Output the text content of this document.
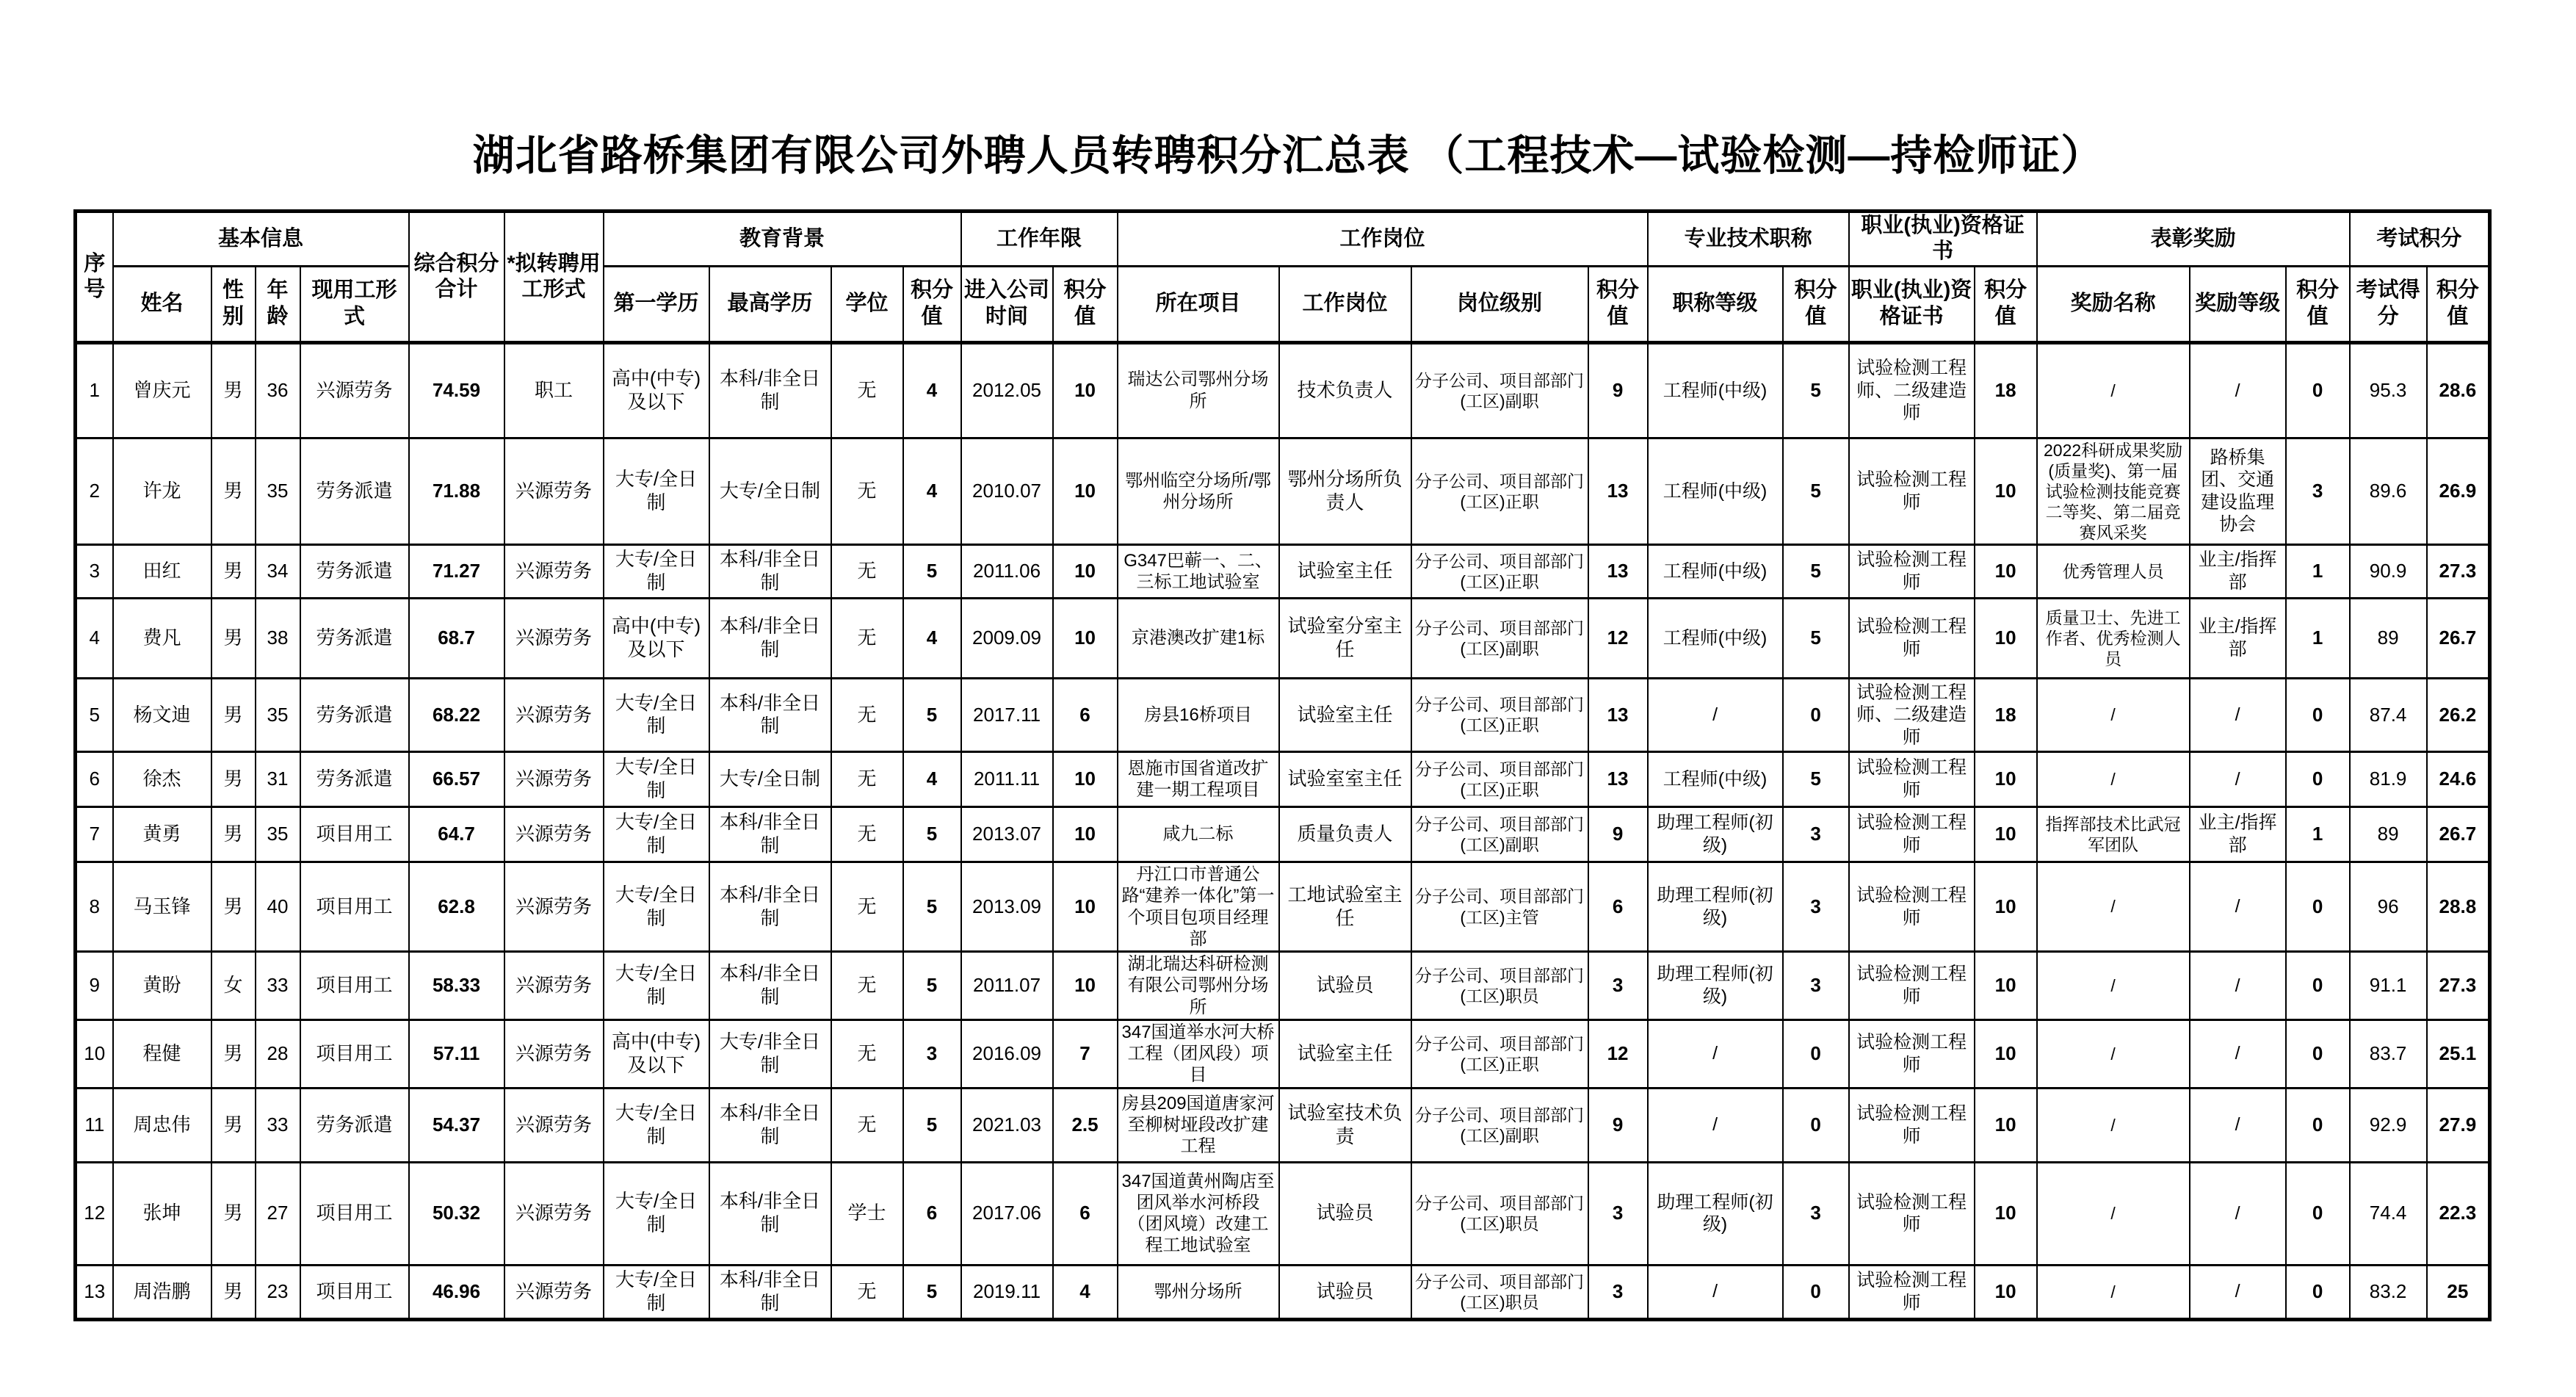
湖北省路桥集团有限公司外聘人员转聘积分汇总表 （工程技术—试验检测—持检师证）
序号	基本信息				综合积分合计	*拟转聘用工形式	教育背景				工作年限		工作岗位				专业技术职称		职业(执业)资格证书		表彰奖励			考试积分	
	姓名	性别	年龄	现用工形式			第一学历	最高学历	学位	积分值	进入公司时间	积分值	所在项目	工作岗位	岗位级别	积分值	职称等级	积分值	职业(执业)资格证书	积分值	奖励名称	奖励等级	积分值	考试得分	积分值
1	曾庆元	男	36	兴源劳务	74.59	职工	高中(中专)及以下	本科/非全日制	无	4	2012.05	10	瑞达公司鄂州分场所	技术负责人	分子公司、项目部部门(工区)副职	9	工程师(中级)	5	试验检测工程师、二级建造师	18	/	/	0	95.3	28.6
2	许龙	男	35	劳务派遣	71.88	兴源劳务	大专/全日制	大专/全日制	无	4	2010.07	10	鄂州临空分场所/鄂州分场所	鄂州分场所负责人	分子公司、项目部部门(工区)正职	13	工程师(中级)	5	试验检测工程师	10	2022科研成果奖励(质量奖)、第一届试验检测技能竞赛二等奖、第二届竞赛风采奖	路桥集团、交通建设监理协会	3	89.6	26.9
3	田红	男	34	劳务派遣	71.27	兴源劳务	大专/全日制	本科/非全日制	无	5	2011.06	10	G347巴蕲一、二、三标工地试验室	试验室主任	分子公司、项目部部门(工区)正职	13	工程师(中级)	5	试验检测工程师	10	优秀管理人员	业主/指挥部	1	90.9	27.3
4	费凡	男	38	劳务派遣	68.7	兴源劳务	高中(中专)及以下	本科/非全日制	无	4	2009.09	10	京港澳改扩建1标	试验室分室主任	分子公司、项目部部门(工区)副职	12	工程师(中级)	5	试验检测工程师	10	质量卫士、先进工作者、优秀检测人员	业主/指挥部	1	89	26.7
5	杨文迪	男	35	劳务派遣	68.22	兴源劳务	大专/全日制	本科/非全日制	无	5	2017.11	6	房县16桥项目	试验室主任	分子公司、项目部部门(工区)正职	13	/	0	试验检测工程师、二级建造师	18	/	/	0	87.4	26.2
6	徐杰	男	31	劳务派遣	66.57	兴源劳务	大专/全日制	大专/全日制	无	4	2011.11	10	恩施市国省道改扩建一期工程项目	试验室室主任	分子公司、项目部部门(工区)正职	13	工程师(中级)	5	试验检测工程师	10	/	/	0	81.9	24.6
7	黄勇	男	35	项目用工	64.7	兴源劳务	大专/全日制	本科/非全日制	无	5	2013.07	10	咸九二标	质量负责人	分子公司、项目部部门(工区)副职	9	助理工程师(初级)	3	试验检测工程师	10	指挥部技术比武冠军团队	业主/指挥部	1	89	26.7
8	马玉锋	男	40	项目用工	62.8	兴源劳务	大专/全日制	本科/非全日制	无	5	2013.09	10	丹江口市普通公路“建养一体化”第一个项目包项目经理部	工地试验室主任	分子公司、项目部部门(工区)主管	6	助理工程师(初级)	3	试验检测工程师	10	/	/	0	96	28.8
9	黄盼	女	33	项目用工	58.33	兴源劳务	大专/全日制	本科/非全日制	无	5	2011.07	10	湖北瑞达科研检测有限公司鄂州分场所	试验员	分子公司、项目部部门(工区)职员	3	助理工程师(初级)	3	试验检测工程师	10	/	/	0	91.1	27.3
10	程健	男	28	项目用工	57.11	兴源劳务	高中(中专)及以下	大专/非全日制	无	3	2016.09	7	347国道举水河大桥工程（团风段）项目	试验室主任	分子公司、项目部部门(工区)正职	12	/	0	试验检测工程师	10	/	/	0	83.7	25.1
11	周忠伟	男	33	劳务派遣	54.37	兴源劳务	大专/全日制	本科/非全日制	无	5	2021.03	2.5	房县209国道唐家河至柳树垭段改扩建工程	试验室技术负责	分子公司、项目部部门(工区)副职	9	/	0	试验检测工程师	10	/	/	0	92.9	27.9
12	张坤	男	27	项目用工	50.32	兴源劳务	大专/全日制	本科/非全日制	学士	6	2017.06	6	347国道黄州陶店至团风举水河桥段（团风境）改建工程工地试验室	试验员	分子公司、项目部部门(工区)职员	3	助理工程师(初级)	3	试验检测工程师	10	/	/	0	74.4	22.3
13	周浩鹏	男	23	项目用工	46.96	兴源劳务	大专/全日制	本科/非全日制	无	5	2019.11	4	鄂州分场所	试验员	分子公司、项目部部门(工区)职员	3	/	0	试验检测工程师	10	/	/	0	83.2	25
